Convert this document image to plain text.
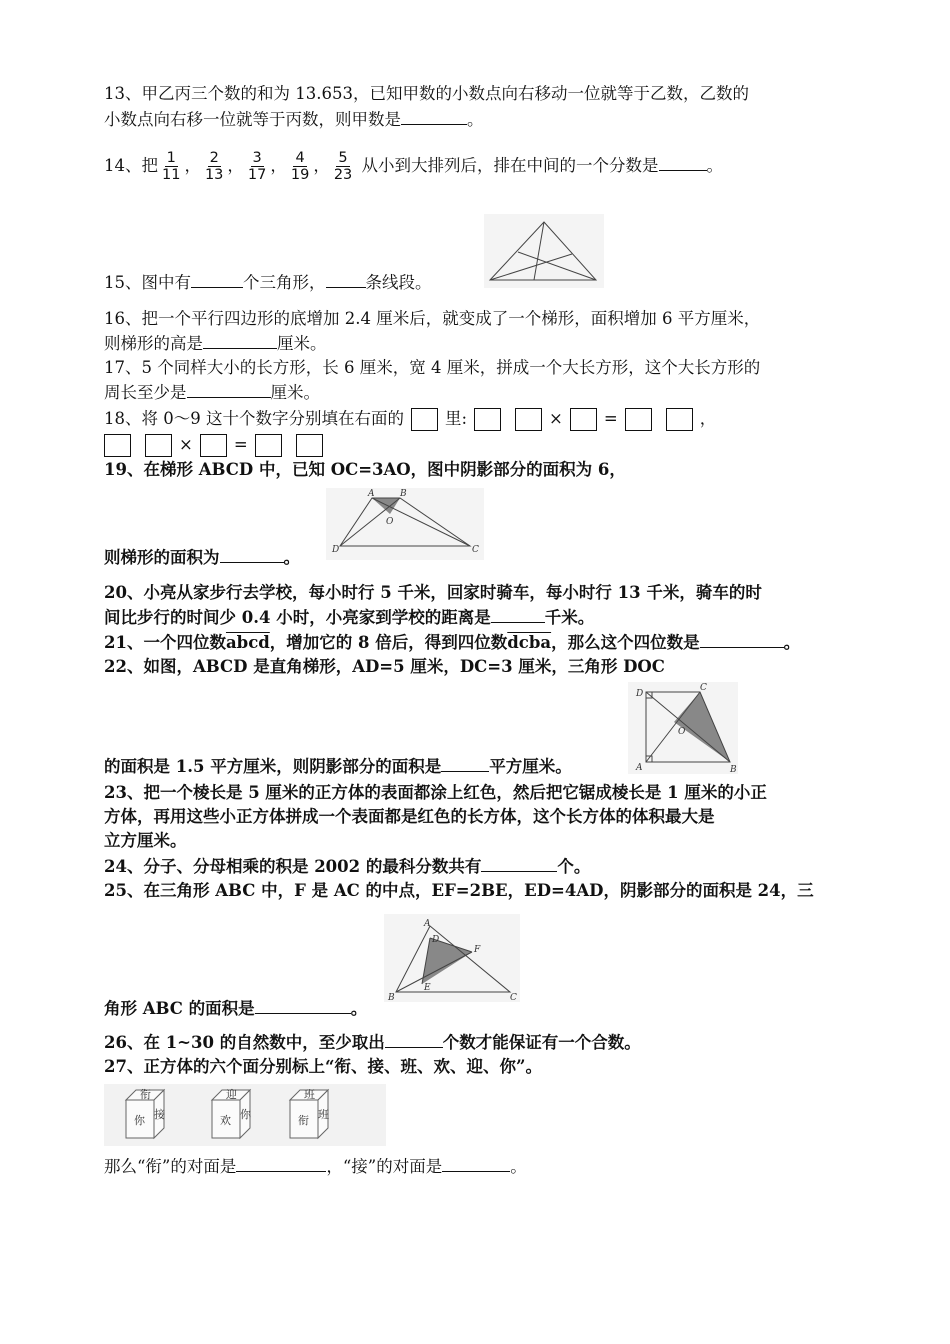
13、甲乙丙三个数的和为 13.653，已知甲数的小数点向右移动一位就等于乙数，乙数的
小数点向右移一位就等于丙数，则甲数是	。
14、把 $\frac{1}{11}$ ， $\frac{2}{13}$ ， $\frac{3}{17}$ ， $\frac{4}{19}$ ， $\frac{5}{23}$ 从小到大排列后，排在中间的一个分数是	。
15、图中有	个三角形， 条线段。
16、把一个平行四边形的底增加 2.4 厘米后，就变成了一个梯形，面积增加 6 平方厘米，
则梯形的高是	厘米。
17、5 个同样大小的长方形，长 6 厘米，宽 4 厘米，拼成一个大长方形，这个大长方形的
周长至少是	厘米。
18、将 0～9 这十个数字分别填在右面的 里:	× =	，
× =
19、在梯形 ABCD 中，已知 OC=3AO，图中阴影部分的面积为 6，
A	B
O
D	C
则梯形的面积为	。
20、小亮从家步行去学校，每小时行 5 千米，回家时骑车，每小时行 13 千米，骑车的时
间比步行的时间少 0.4 小时，小亮家到学校的距离是	千米。
21、一个四位数abcd，增加它的 8 倍后，得到四位数dcba，那么这个四位数是	。
22、如图，ABCD 是直角梯形，AD=5 厘米，DC=3 厘米，三角形 DOC
D
C
O
A	B
的面积是 1.5 平方厘米，则阴影部分的面积是	平方厘米。
23、把一个棱长是 5 厘米的正方体的表面都涂上红色，然后把它锯成棱长是 1 厘米的小正
方体，再用这些小正方体拼成一个表面都是红色的长方体，这个长方体的体积最大是
立方厘米。
24、分子、分母相乘的积是 2002 的最科分数共有	个。
25、在三角形 ABC 中，F 是 AC 的中点，EF=2BE，ED=4AD，阴影部分的面积是 24，三
A
D
F
E
B	C
角形 ABC 的面积是	。
26、在 1~30 的自然数中，至少取出	个数才能保证有一个合数。
27、正方体的六个面分别标上“衔、接、班、欢、迎、你”。
衔
你 接
迎
欢 你
班
衔 班
那么“衔”的对面是	，“接”的对面是	。
